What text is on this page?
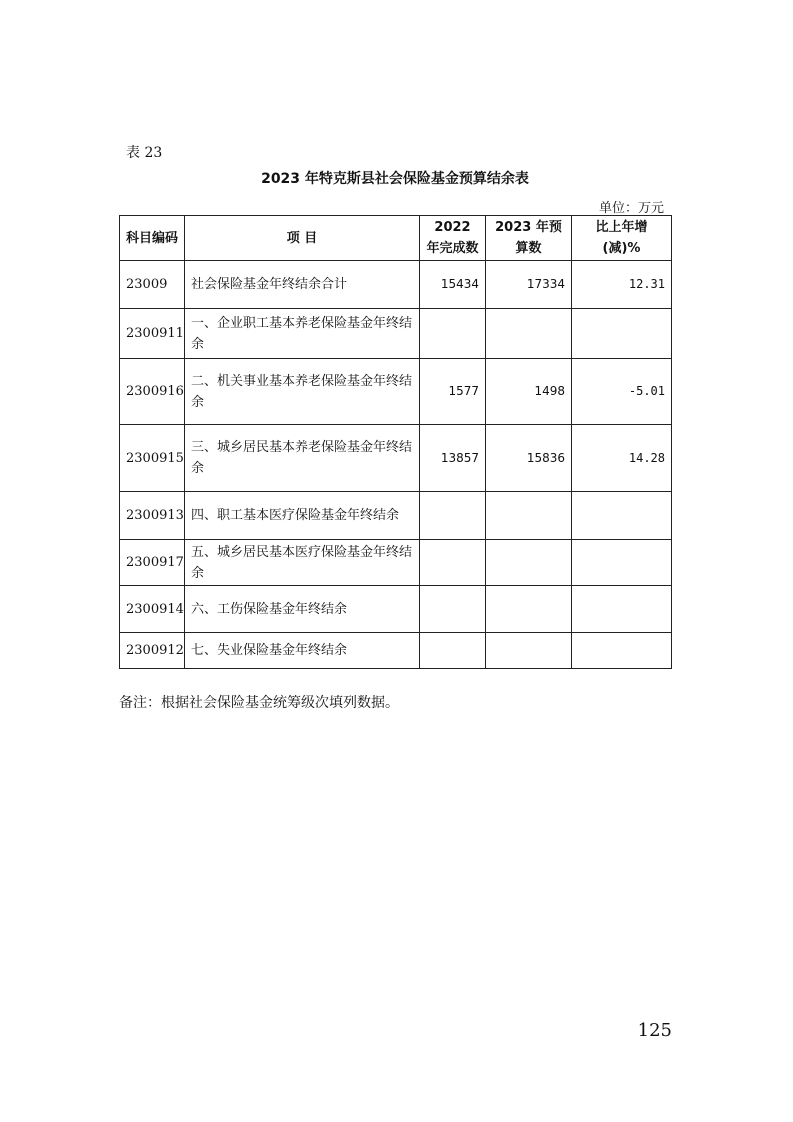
表 23
2023 年特克斯县社会保险基金预算结余表
单位：万元
科目编码	项 目	2022 年完成数	2023 年预算数	比上年增(减)%
23009	社会保险基金年终结余合计	15434	17334	12.31
2300911	一、企业职工基本养老保险基金年终结余			
2300916	二、机关事业基本养老保险基金年终结余	1577	1498	-5.01
2300915	三、城乡居民基本养老保险基金年终结余	13857	15836	14.28
2300913	四、职工基本医疗保险基金年终结余			
2300917	五、城乡居民基本医疗保险基金年终结余			
2300914	六、工伤保险基金年终结余			
2300912	七、失业保险基金年终结余			
备注：根据社会保险基金统筹级次填列数据。
125
